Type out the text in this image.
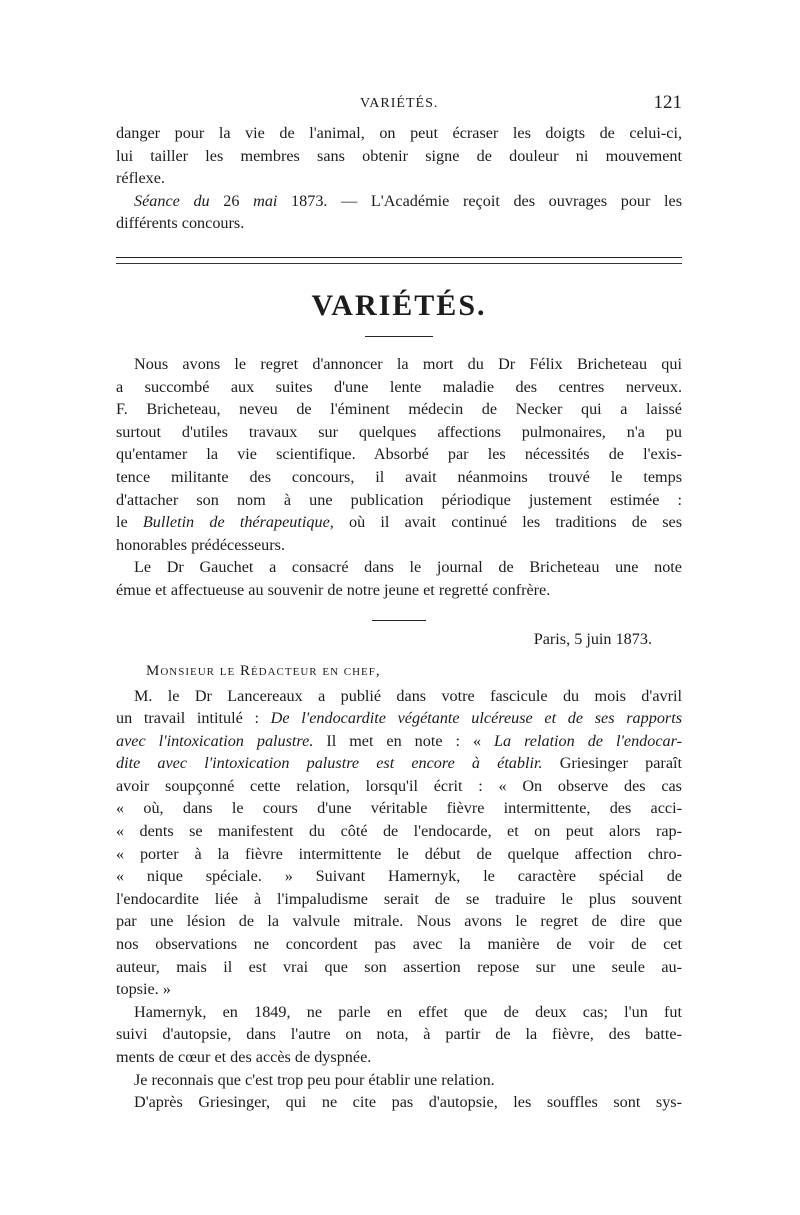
VARIÉTÉS.	121
danger pour la vie de l'animal, on peut écraser les doigts de celui-ci,
lui tailler les membres sans obtenir signe de douleur ni mouvement
réflexe.
Séance du 26 mai 1873. — L'Académie reçoit des ouvrages pour les
différents concours.
VARIÉTÉS.
Nous avons le regret d'annoncer la mort du Dr Félix Bricheteau qui
a succombé aux suites d'une lente maladie des centres nerveux.
F. Bricheteau, neveu de l'éminent médecin de Necker qui a laissé
surtout d'utiles travaux sur quelques affections pulmonaires, n'a pu
qu'entamer la vie scientifique. Absorbé par les nécessités de l'exis-
tence militante des concours, il avait néanmoins trouvé le temps
d'attacher son nom à une publication périodique justement estimée :
le Bulletin de thérapeutique, où il avait continué les traditions de ses
honorables prédécesseurs.
Le Dr Gauchet a consacré dans le journal de Bricheteau une note
émue et affectueuse au souvenir de notre jeune et regretté confrère.
Paris, 5 juin 1873.
Monsieur le Rédacteur en chef,
M. le Dr Lancereaux a publié dans votre fascicule du mois d'avril
un travail intitulé : De l'endocardite végétante ulcéreuse et de ses rapports
avec l'intoxication palustre. Il met en note : « La relation de l'endocar-
dite avec l'intoxication palustre est encore à établir. Griesinger paraît
avoir soupçonné cette relation, lorsqu'il écrit : « On observe des cas
« où, dans le cours d'une véritable fièvre intermittente, des acci-
« dents se manifestent du côté de l'endocarde, et on peut alors rap-
« porter à la fièvre intermittente le début de quelque affection chro-
« nique spéciale. » Suivant Hamernyk, le caractère spécial de
l'endocardite liée à l'impaludisme serait de se traduire le plus souvent
par une lésion de la valvule mitrale. Nous avons le regret de dire que
nos observations ne concordent pas avec la manière de voir de cet
auteur, mais il est vrai que son assertion repose sur une seule au-
topsie. »
Hamernyk, en 1849, ne parle en effet que de deux cas; l'un fut
suivi d'autopsie, dans l'autre on nota, à partir de la fièvre, des batte-
ments de cœur et des accès de dyspnée.
Je reconnais que c'est trop peu pour établir une relation.
D'après Griesinger, qui ne cite pas d'autopsie, les souffles sont sys-
